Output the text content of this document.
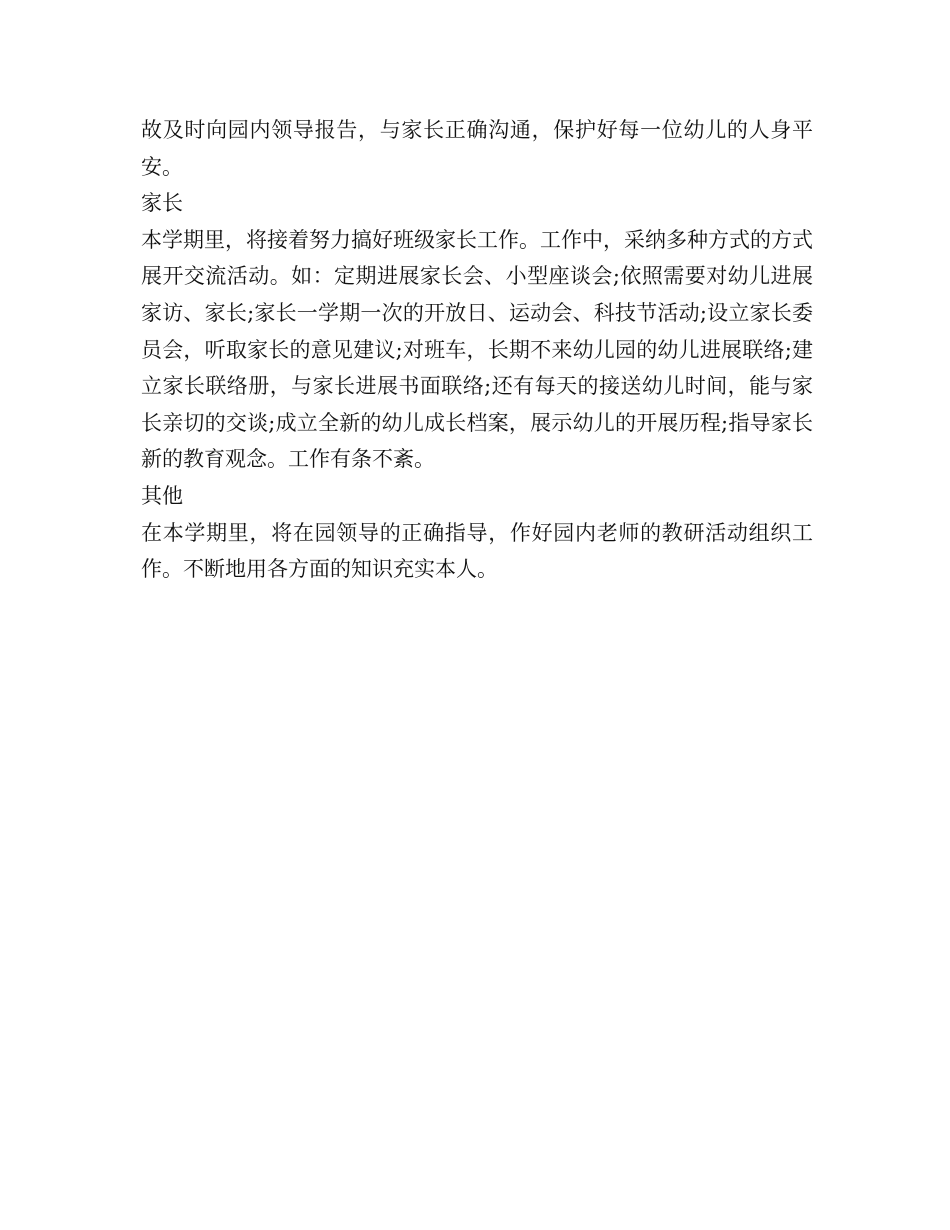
故及时向园内领导报告，与家长正确沟通，保护好每一位幼儿的人身平安。

家长

本学期里，将接着努力搞好班级家长工作。工作中，采纳多种方式的方式展开交流活动。如：定期进展家长会、小型座谈会;依照需要对幼儿进展家访、家长;家长一学期一次的开放日、运动会、科技节活动;设立家长委员会，听取家长的意见建议;对班车，长期不来幼儿园的幼儿进展联络;建立家长联络册，与家长进展书面联络;还有每天的接送幼儿时间，能与家长亲切的交谈;成立全新的幼儿成长档案，展示幼儿的开展历程;指导家长新的教育观念。工作有条不紊。

其他

在本学期里，将在园领导的正确指导，作好园内老师的教研活动组织工作。不断地用各方面的知识充实本人。
